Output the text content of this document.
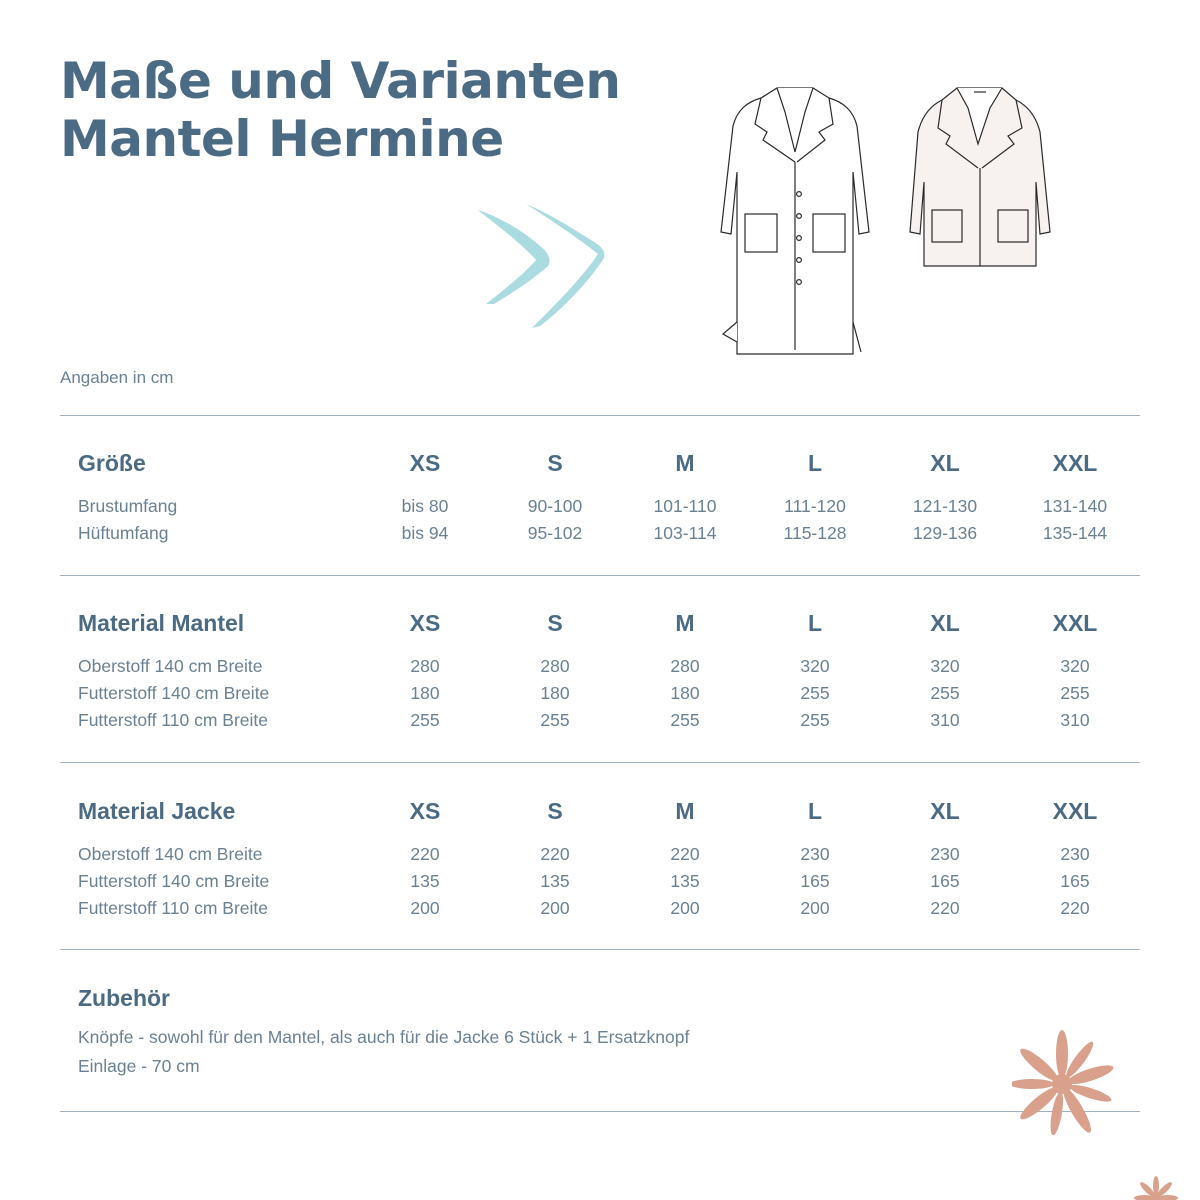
Maße und Varianten
Mantel Hermine
Angaben in cm
Größe	XS	S	M	L	XL	XXL
Brustumfang	bis 80	90-100	101-110	111-120	121-130	131-140
Hüftumfang	bis 94	95-102	103-114	115-128	129-136	135-144
Material Mantel	XS	S	M	L	XL	XXL
Oberstoff 140 cm Breite	280	280	280	320	320	320
Futterstoff 140 cm Breite	180	180	180	255	255	255
Futterstoff 110 cm Breite	255	255	255	255	310	310
Material Jacke	XS	S	M	L	XL	XXL
Oberstoff 140 cm Breite	220	220	220	230	230	230
Futterstoff 140 cm Breite	135	135	135	165	165	165
Futterstoff 110 cm Breite	200	200	200	200	220	220
Zubehör
Knöpfe - sowohl für den Mantel, als auch für die Jacke 6 Stück + 1 Ersatzknopf
Einlage - 70 cm
